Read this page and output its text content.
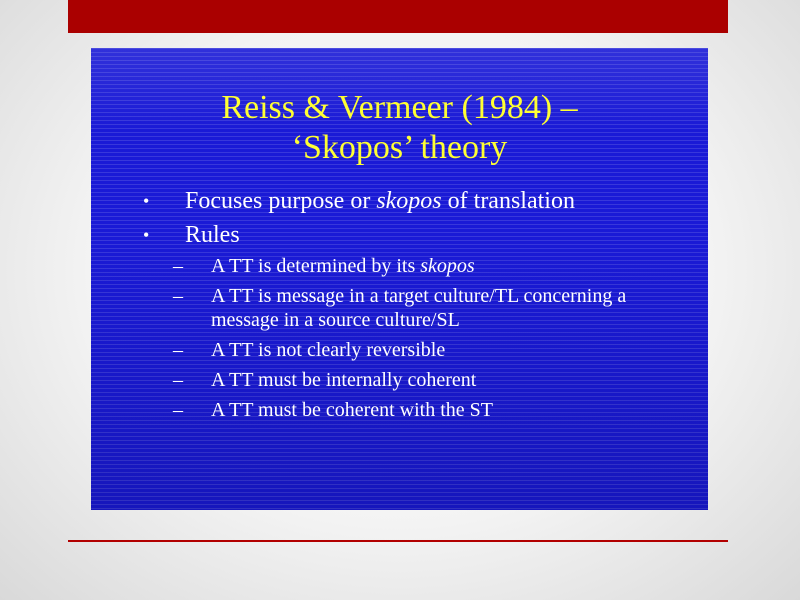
Reiss & Vermeer (1984) –
‘Skopos’ theory
• Focuses purpose or skopos of translation
• Rules
– A TT is determined by its skopos
– A TT is message in a target culture/TL concerning a message in a source culture/SL
– A TT is not clearly reversible
– A TT must be internally coherent
– A TT must be coherent with the ST
